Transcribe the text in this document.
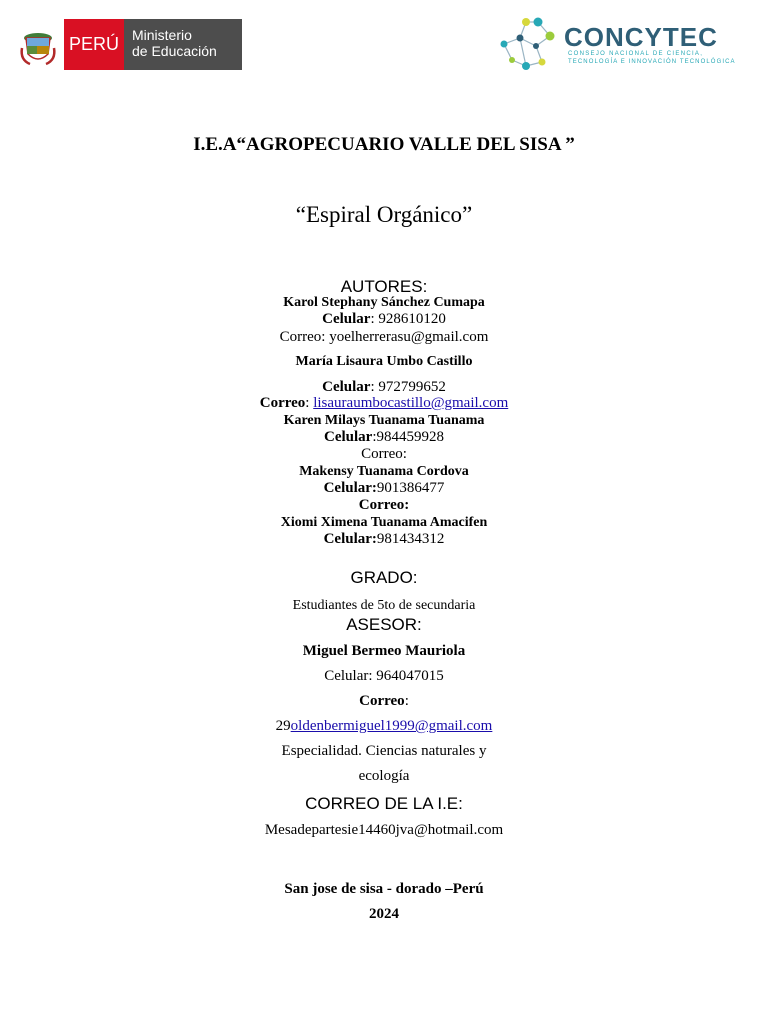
PERÚ Ministerio
de Educación	CONCYTEC
CONSEJO NACIONAL DE CIENCIA,
TECNOLOGÍA E INNOVACIÓN TECNOLÓGICA
I.E.A“AGROPECUARIO VALLE DEL SISA ”
“Espiral Orgánico”
AUTORES:
Karol Stephany Sánchez Cumapa
Celular: 928610120
Correo: yoelherrerasu@gmail.com
María Lisaura Umbo Castillo
Celular: 972799652
Correo: lisauraumbocastillo@gmail.com
Karen Milays Tuanama Tuanama
Celular:984459928
Correo:
Makensy Tuanama Cordova
Celular:901386477
Correo:
Xiomi Ximena Tuanama Amacifen
Celular:981434312
GRADO:
Estudiantes de 5to de secundaria
ASESOR:
Miguel Bermeo Mauriola
Celular: 964047015
Correo:
29oldenbermiguel1999@gmail.com
Especialidad. Ciencias naturales y
ecología
CORREO DE LA I.E:
Mesadepartesie14460jva@hotmail.com
San jose de sisa - dorado –Perú
2024
